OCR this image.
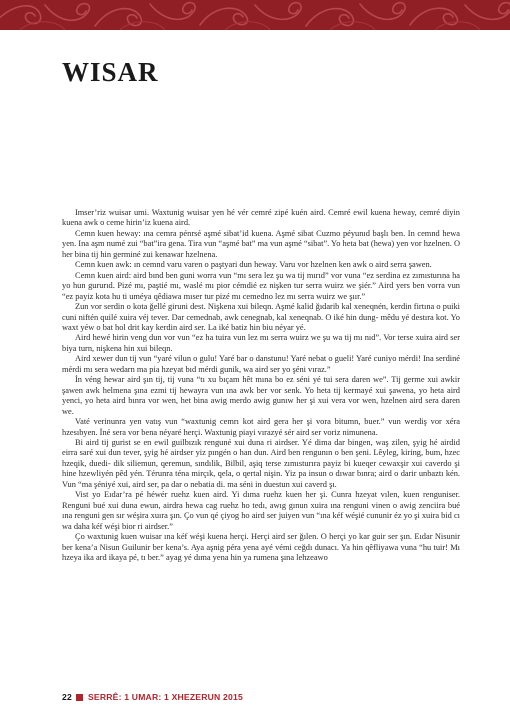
WISAR

Imser’riz wuisar umi. Waxtunig wuisar yen hé vér cemré zipé kuén aird. Cemré ewil kuena heway, cemré diyin kuena awk o ceme hirin’iz kuena aird.

Cemn kuen heway: ına cemra pénrsé aşmé sibat’id kuena. Aşmé sibat Cuzmo péyunıd başlı ben. In cemnd hewa yen. Ina aşm numé zui “bat”ira gena. Tira vun “aşmé bat” ma vun aşmé “sibat”. Yo heta bat (hewa) yen vor hzelnen. O her bina tij hin germiné zui kenawar hzelnena.

Cemn kuen awk: ın cemnd varu varen o paştyari dun heway. Varu vor hzelnen ken awk o aird serra şawen.

Cemn kuen aird: aird bınd ben guni worra vun “mı sera lez şu wa tij mırıd” vor vuna “ez serdina ez zımısturına ha yo hun gururıd. Pizé mı, paştié mı, waslé mı pior cémdié ez nişken tur serra wuirz we şiér.” Aird yers ben vorra vun “ez payiz kota hu ti uméya qêdiawa mıser tur pizé mı cemedno lez mı serra wuirz we şıır.”

Zun vor serdin o kota ğellé giruni dest. Nişkena xui bileqn. Aşmé kalid ğıdarib kal xeneqnén, kerdin firtına o puiki cuni niftén quilé xuira véj tever. Dar cemednab, awk cenegnab, kal xeneqnab. O iké hin dung- mêdu yé destıra kot. Yo waxt yéw o bat hol drit kay kerdin aird ser. La iké batiz hin biu néyar yé.

Aird hewé hirin veng dun vor vun “ez ha tuira vun lez mı serra wuirz we şu wa tij mı nıd”. Vor terse xuira aird ser biya turn, nişkena hin xui bileqn.

Aird xewer dun tij vun “yaré vilun o gulu! Yaré bar o danstunu! Yaré nebat o gueli! Yaré cuniyo mérdi! Ina serdiné mérdi mı sera wedarn ma pia hzeyat bıd mérdi gunik, wa aird ser yo şéni vıraz.”

İn véng hewar aird şın tij, tij vuna “tı xu bıçam hêt mına bo ez séni yé tui sera daren we”. Tij germe xui awkir şawen awk helmena şına ezmi tij hewayra vun ına awk ber vor senk. Yo heta tij kermayé xui şawena, yo heta aird yenci, yo heta aird bınra vor wen, het bina awig merdo awig gunıw her şi xui vera vor wen, hzelnen aird sera daren we.

Vaté verinunra yen vatış vun “waxtunig cemrı kot aird gera her şi vora bitumn, buer.” vun werdiş vor xéra hzesıbyen. İné sera vor bena néyaré herçi. Waxtunig piayi vırazyé sér aird ser voriz nimunena.

Bi aird tij gurist se en ewil guilbızık renguné xui duna ri airdser. Yé dima dar bingen, waş zilen, şyig hé airdid eirra saré xui dun tever, şyig hé airdser yiz pıngén o han dun. Aird ben rengunın o ben şeni. Lêyleg, kiring, bum, hzec hzeqik, duedi- dik siliemun, qeremun, sındılik, Bilbil, aşiq terse zımısturıra payiz bi kueqer cewaxşir xui caverdo şi hine hzewliyén pêd yén. Térunra téna mirçık, qela, o qertal nişin. Yiz pa insun o dıwar bınra; aird o darir unbaztı kén. Vun “ma şéniyé xui, aird ser, pa dar o nebatia di. ma séni in duestun xui caverd şı.

Vist yo Eıdar’ra pé héwér ruehz kuen aird. Yi dıma ruehz kuen her şi. Cunra hzeyat vılen, kuen renguniser. Renguni bué xui duna ewun, airdra hewa cag ruehz ho tedı, awıg gınun xuira ına renguni vinen o awig zenciira bué ına renguni gen sır wéşira xuıra şın. Ço vun qé çiyog ho aird ser juiyen vun “ına kéf wéşié cununir éz yo şi xuira bid cı wa daha kéf wéşi bior ri airdser.”

Ço waxtunig kuen wuisar ına kéf wéşi kuena herçi. Herçi aird ser ğılen. O herçi yo kar guir ser şın. Eıdar Nisunir ber kena’a Nisun Guilunir ber kena’s. Aya aşnig péra yena ayé vémi ceğdı dunacı. Ya hin qêfliyawa vuna “hu tuir! Mı hzeya ika ard ikaya pé, tı ber.” ayag yé dıma yena hin ya rumena şına lehzeawo

22 SERRÊ: 1 UMAR: 1 XHEZERUN 2015
